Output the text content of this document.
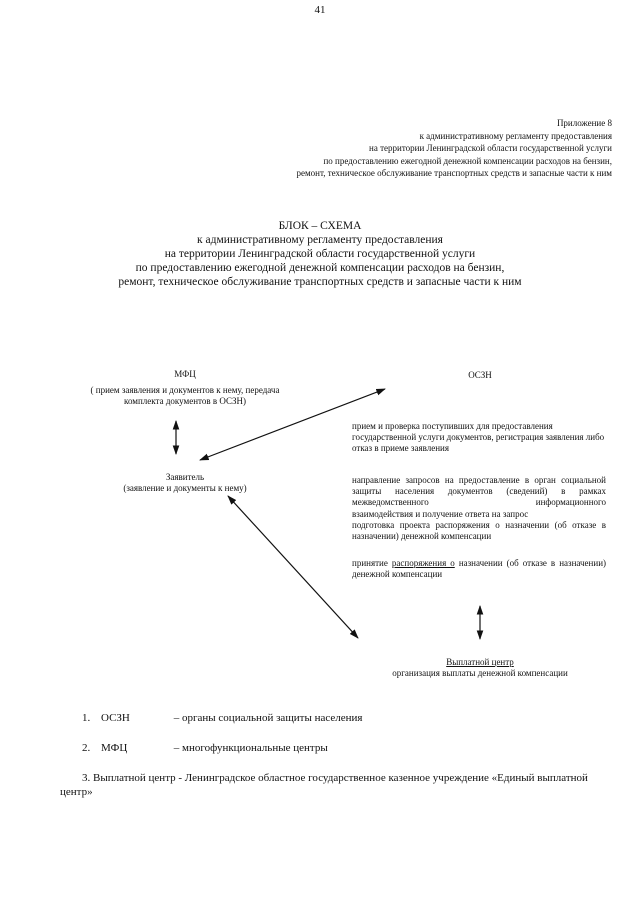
41
Приложение 8
к административному регламенту предоставления
на территории Ленинградской области государственной услуги
по предоставлению ежегодной денежной компенсации расходов на бензин,
ремонт, техническое обслуживание транспортных средств и запасные части к ним
БЛОК – СХЕМА
к административному регламенту предоставления
на территории Ленинградской области государственной услуги
по предоставлению ежегодной денежной компенсации расходов на бензин,
ремонт, техническое обслуживание транспортных средств и запасные части к ним
МФЦ
( прием заявления и документов к нему, передача комплекта документов в ОСЗН)
Заявитель
(заявление и документы к нему)
ОСЗН
прием и проверка поступивших для предоставления государственной услуги документов, регистрация заявления либо отказ в приеме заявления
направление запросов на предоставление в орган социальной защиты населения документов (сведений) в рамках межведомственного информационного
взаимодействия и получение ответа на запрос
подготовка проекта распоряжения о назначении (об отказе в назначении) денежной компенсации
принятие распоряжения о назначении (об отказе в назначении) денежной компенсации
Выплатной центр
организация выплаты денежной компенсации
1. ОСЗН	– органы социальной защиты населения
2. МФЦ	– многофункциональные центры
3. Выплатной центр - Ленинградское областное государственное казенное учреждение «Единый выплатной центр»
